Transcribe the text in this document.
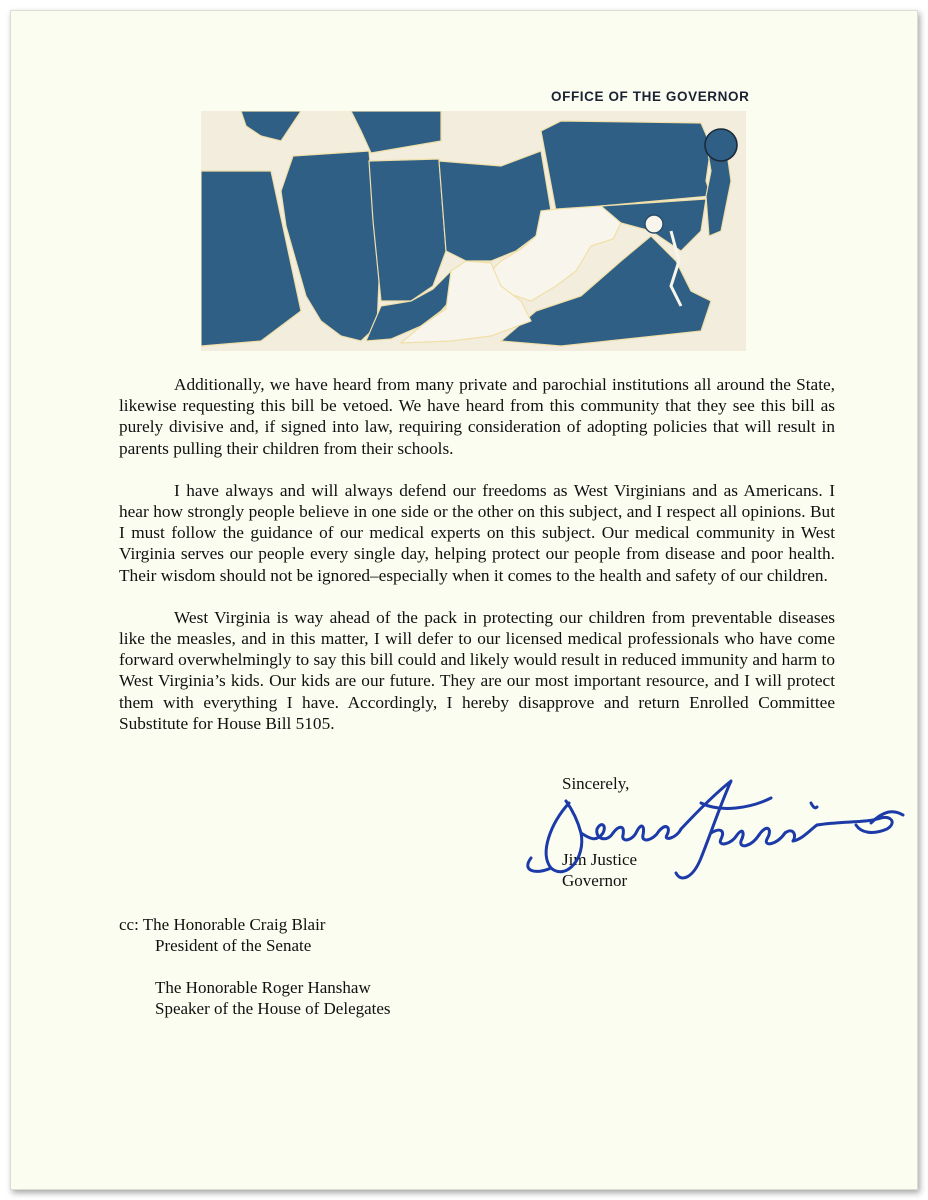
OFFICE OF THE GOVERNOR

Additionally, we have heard from many private and parochial institutions all around the State, likewise requesting this bill be vetoed. We have heard from this community that they see this bill as purely divisive and, if signed into law, requiring consideration of adopting policies that will result in parents pulling their children from their schools.

I have always and will always defend our freedoms as West Virginians and as Americans. I hear how strongly people believe in one side or the other on this subject, and I respect all opinions. But I must follow the guidance of our medical experts on this subject. Our medical community in West Virginia serves our people every single day, helping protect our people from disease and poor health. Their wisdom should not be ignored–especially when it comes to the health and safety of our children.

West Virginia is way ahead of the pack in protecting our children from preventable diseases like the measles, and in this matter, I will defer to our licensed medical professionals who have come forward overwhelmingly to say this bill could and likely would result in reduced immunity and harm to West Virginia’s kids. Our kids are our future. They are our most important resource, and I will protect them with everything I have. Accordingly, I hereby disapprove and return Enrolled Committee Substitute for House Bill 5105.

Sincerely,
Jim Justice
Governor
cc: The Honorable Craig Blair
President of the Senate
The Honorable Roger Hanshaw
Speaker of the House of Delegates
